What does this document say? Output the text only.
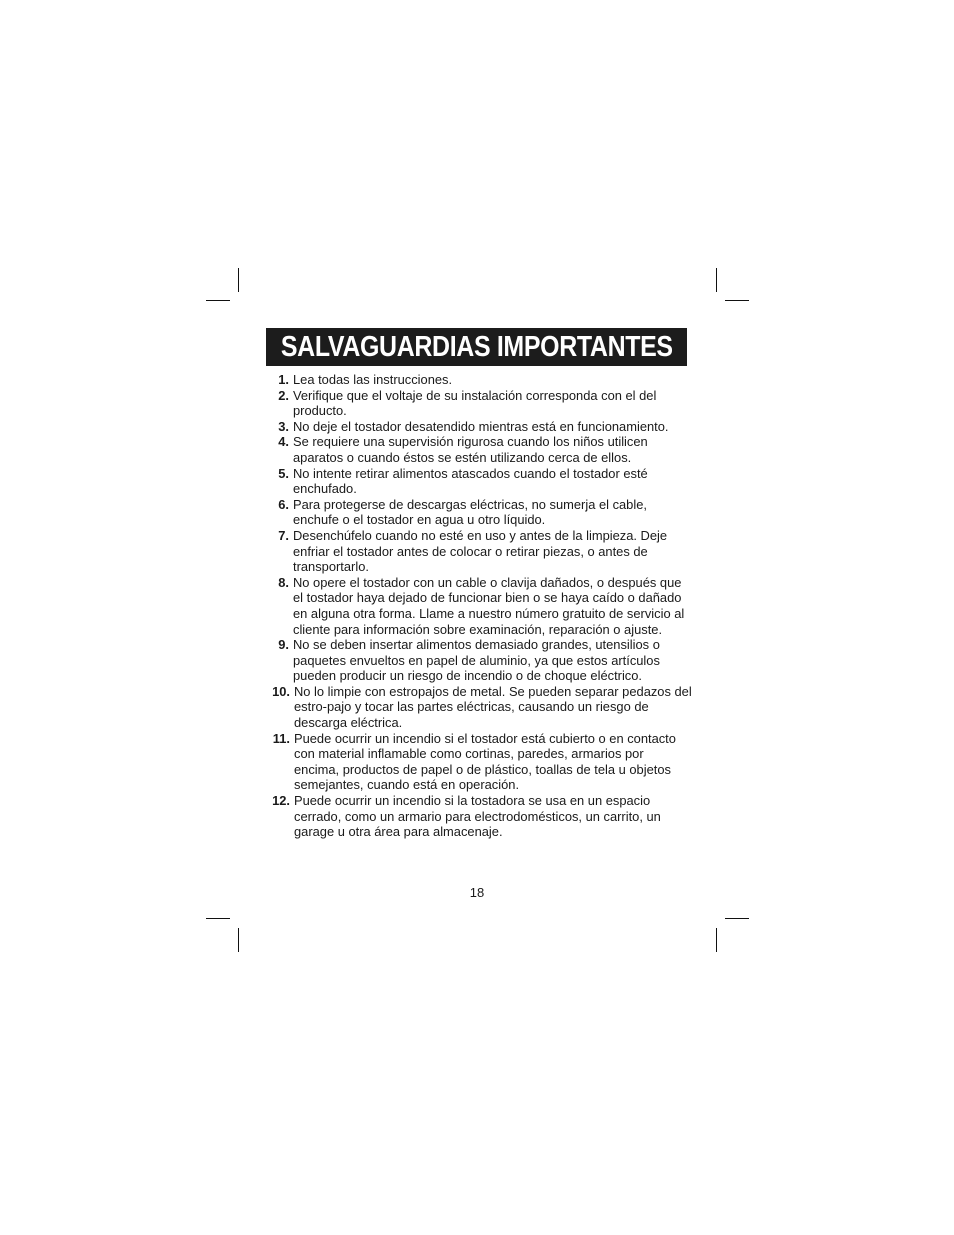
SALVAGUARDIAS IMPORTANTES
1. Lea todas las instrucciones.
2. Verifique que el voltaje de su instalación corresponda con el del producto.
3. No deje el tostador desatendido mientras está en funcionamiento.
4. Se requiere una supervisión rigurosa cuando los niños utilicen aparatos o cuando éstos se estén utilizando cerca de ellos.
5. No intente retirar alimentos atascados cuando el tostador esté enchufado.
6. Para protegerse de descargas eléctricas, no sumerja el cable, enchufe o el tostador en agua u otro líquido.
7. Desenchúfelo cuando no esté en uso y antes de la limpieza. Deje enfriar el tostador antes de colocar o retirar piezas, o antes de transportarlo.
8. No opere el tostador con un cable o clavija dañados, o después que el tostador haya dejado de funcionar bien o se haya caído o dañado en alguna otra forma. Llame a nuestro número gratuito de servicio al cliente para información sobre examinación, reparación o ajuste.
9. No se deben insertar alimentos demasiado grandes, utensilios o paquetes envueltos en papel de aluminio, ya que estos artículos pueden producir un riesgo de incendio o de choque eléctrico.
10. No lo limpie con estropajos de metal. Se pueden separar pedazos del estro-pajo y tocar las partes eléctricas, causando un riesgo de descarga eléctrica.
11. Puede ocurrir un incendio si el tostador está cubierto o en contacto con material inflamable como cortinas, paredes, armarios por encima, productos de papel o de plástico, toallas de tela u objetos semejantes, cuando está en operación.
12. Puede ocurrir un incendio si la tostadora se usa en un espacio cerrado, como un armario para electrodomésticos, un carrito, un garage u otra área para almacenaje.
18
